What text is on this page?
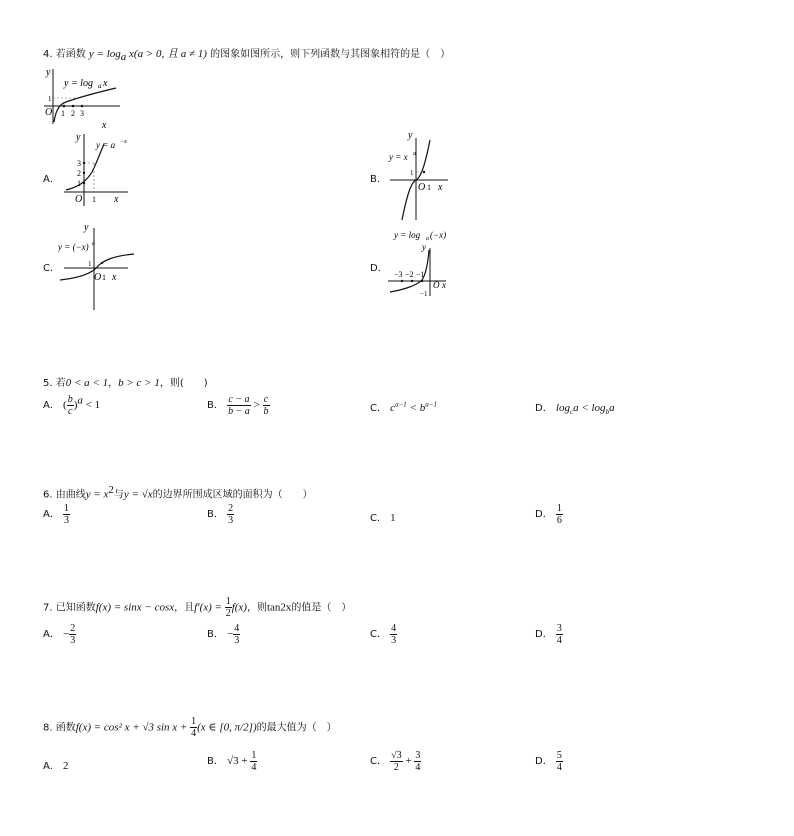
4. 若函数 $y = \log_a x(a > 0$, 且 a ≠ 1) 的图象如图所示，则下列函数与其图象相符的是（　）
y
x
O 1 2 3
1
y = log a x
A．
y
x
O 1
3
2
1
y = a −x
B．
y
x
O 1
1
y = x a
C．
y
x
O 1
1
y = (−x) a
D．
y
x
O
−3 −2 −1
−1
y = log a (−x)
5. 若0 < a < 1，b > c > 1，则(　　)
A． ( $\frac{b}{c} )^a < 1$	B． $\frac{c - a}{b - a} > \frac{c}{b}$	C． $c^{a-1} < b^{a-1}$	D． $\log_ca < \log_ba$
6. 由曲线$y = x^2$与y = √x的边界所围成区域的面积为（　　）
A． $\frac{1}{3}$	B． $\frac{2}{3}$	C． 1	D． $\frac{1}{6}$
7. 已知函数f(x) = sinx − cosx，且$f'(x) = \frac{1}{2} f(x)$，则tan2x的值是（　）
A． − $\frac{2}{3}$	B． − $\frac{4}{3}$	C． $\frac{4}{3}$	D． $\frac{3}{4}$
8. 函数f(x) = cos² x + √3 $\sin x + \frac{1}{4} (x$ ∈ [0, π/2])的最大值为（　）
A． 2	B． $√3 + \frac{1}{4}$	C． $\frac{√3}{2} + \frac{3}{4}$	D． $\frac{5}{4}$
